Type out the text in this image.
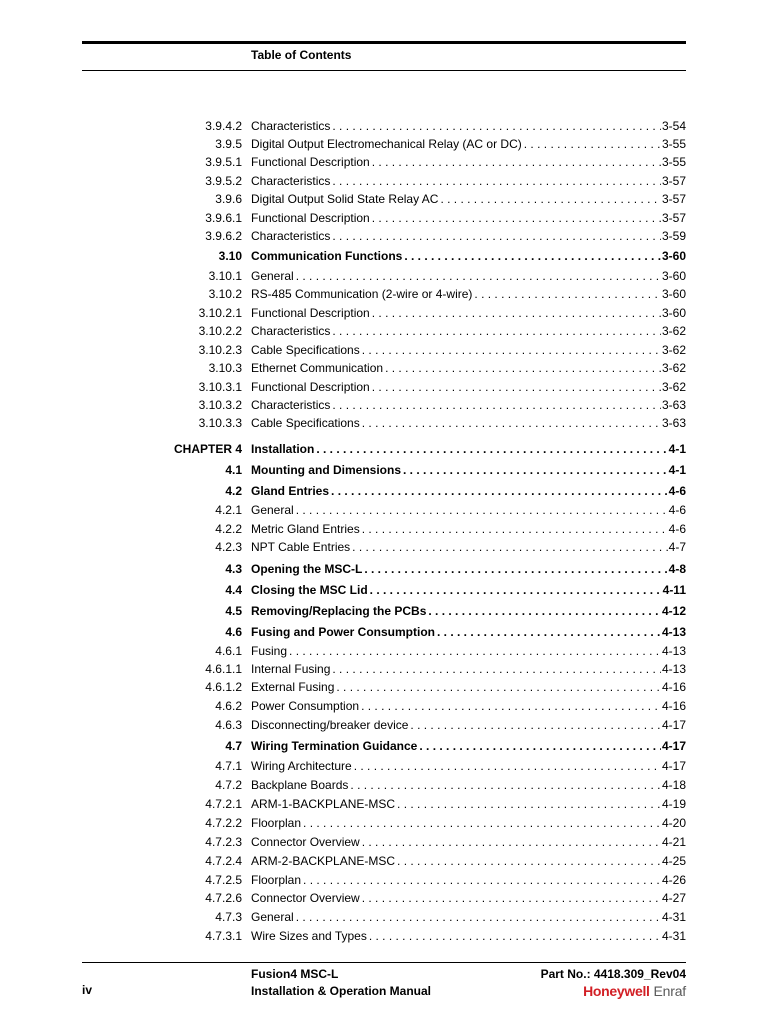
Table of Contents
3.9.4.2 Characteristics . . .	3-54
3.9.5 Digital Output Electromechanical Relay (AC or DC) . . .	3-55
3.9.5.1 Functional Description . . .	3-55
3.9.5.2 Characteristics . . .	3-57
3.9.6 Digital Output Solid State Relay AC . . .	3-57
3.9.6.1 Functional Description . . .	3-57
3.9.6.2 Characteristics . . .	3-59
3.10 Communication Functions . . .	3-60
3.10.1 General . . .	3-60
3.10.2 RS-485 Communication (2-wire or 4-wire) . . .	3-60
3.10.2.1 Functional Description . . .	3-60
3.10.2.2 Characteristics . . .	3-62
3.10.2.3 Cable Specifications . . .	3-62
3.10.3 Ethernet Communication . . .	3-62
3.10.3.1 Functional Description . . .	3-62
3.10.3.2 Characteristics . . .	3-63
3.10.3.3 Cable Specifications . . .	3-63
CHAPTER 4 Installation . . .	4-1
4.1 Mounting and Dimensions . . .	4-1
4.2 Gland Entries . . .	4-6
4.2.1 General . . .	4-6
4.2.2 Metric Gland Entries . . .	4-6
4.2.3 NPT Cable Entries . . .	4-7
4.3 Opening the MSC-L . . .	4-8
4.4 Closing the MSC Lid . . .	4-11
4.5 Removing/Replacing the PCBs . . .	4-12
4.6 Fusing and Power Consumption . . .	4-13
4.6.1 Fusing . . .	4-13
4.6.1.1 Internal Fusing . . .	4-13
4.6.1.2 External Fusing . . .	4-16
4.6.2 Power Consumption . . .	4-16
4.6.3 Disconnecting/breaker device . . .	4-17
4.7 Wiring Termination Guidance . . .	4-17
4.7.1 Wiring Architecture . . .	4-17
4.7.2 Backplane Boards . . .	4-18
4.7.2.1 ARM-1-BACKPLANE-MSC . . .	4-19
4.7.2.2 Floorplan . . .	4-20
4.7.2.3 Connector Overview . . .	4-21
4.7.2.4 ARM-2-BACKPLANE-MSC . . .	4-25
4.7.2.5 Floorplan . . .	4-26
4.7.2.6 Connector Overview . . .	4-27
4.7.3 General . . .	4-31
4.7.3.1 Wire Sizes and Types . . .	4-31
iv
Fusion4 MSC-L
Installation & Operation Manual
Part No.: 4418.309_Rev04
Honeywell Enraf
